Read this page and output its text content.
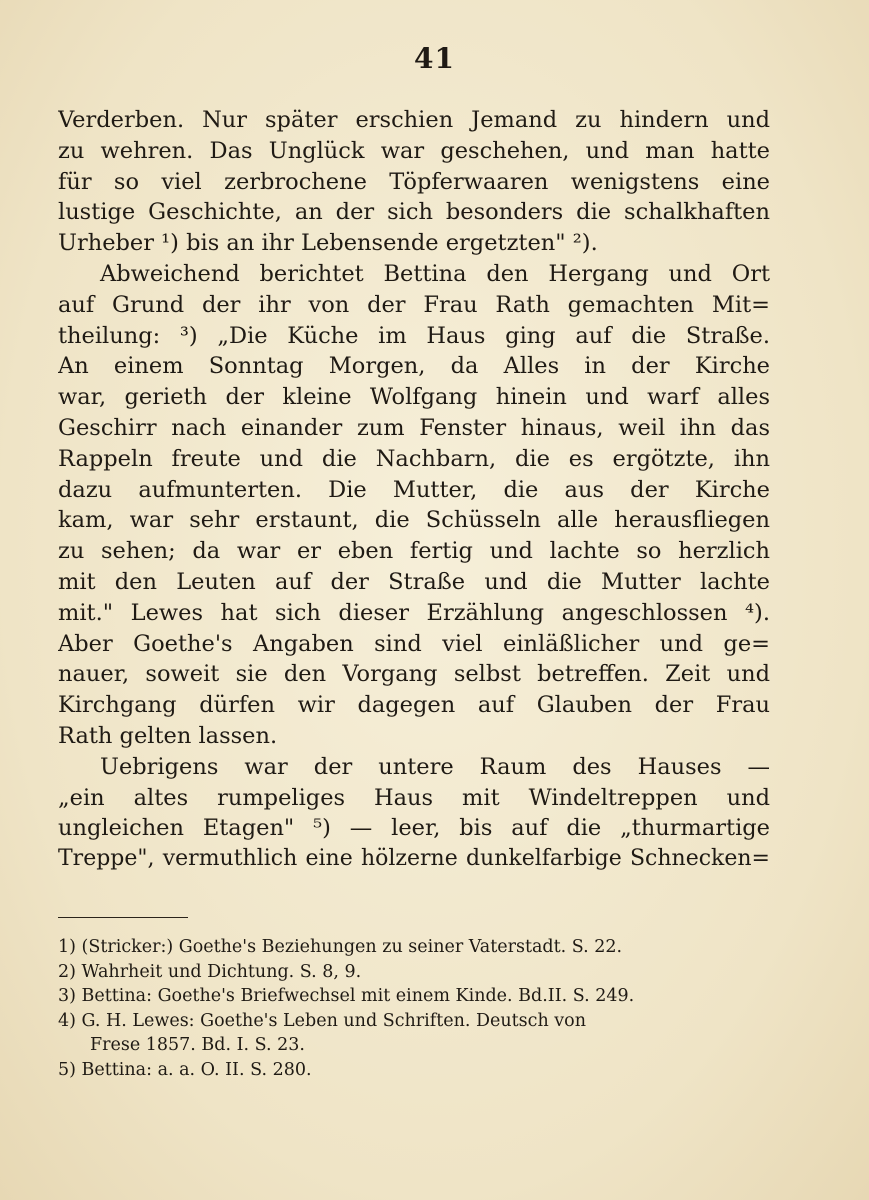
41
Verderben. Nur später erschien Jemand zu hindern und
zu wehren. Das Unglück war geschehen, und man hatte
für so viel zerbrochene Töpferwaaren wenigstens eine
lustige Geschichte, an der sich besonders die schalkhaften
Urheber ¹) bis an ihr Lebensende ergetzten" ²).
Abweichend berichtet Bettina den Hergang und Ort
auf Grund der ihr von der Frau Rath gemachten Mit=
theilung: ³) „Die Küche im Haus ging auf die Straße.
An einem Sonntag Morgen, da Alles in der Kirche
war, gerieth der kleine Wolfgang hinein und warf alles
Geschirr nach einander zum Fenster hinaus, weil ihn das
Rappeln freute und die Nachbarn, die es ergötzte, ihn
dazu aufmunterten. Die Mutter, die aus der Kirche
kam, war sehr erstaunt, die Schüsseln alle herausfliegen
zu sehen; da war er eben fertig und lachte so herzlich
mit den Leuten auf der Straße und die Mutter lachte
mit." Lewes hat sich dieser Erzählung angeschlossen ⁴).
Aber Goethe's Angaben sind viel einläßlicher und ge=
nauer, soweit sie den Vorgang selbst betreffen. Zeit und
Kirchgang dürfen wir dagegen auf Glauben der Frau
Rath gelten lassen.
Uebrigens war der untere Raum des Hauses —
„ein altes rumpeliges Haus mit Windeltreppen und
ungleichen Etagen" ⁵) — leer, bis auf die „thurmartige
Treppe", vermuthlich eine hölzerne dunkelfarbige Schnecken=
1) (Stricker:) Goethe's Beziehungen zu seiner Vaterstadt. S. 22.
2) Wahrheit und Dichtung. S. 8, 9.
3) Bettina: Goethe's Briefwechsel mit einem Kinde. Bd.II. S. 249.
4) G. H. Lewes: Goethe's Leben und Schriften. Deutsch von
Frese 1857. Bd. I. S. 23.
5) Bettina: a. a. O. II. S. 280.
